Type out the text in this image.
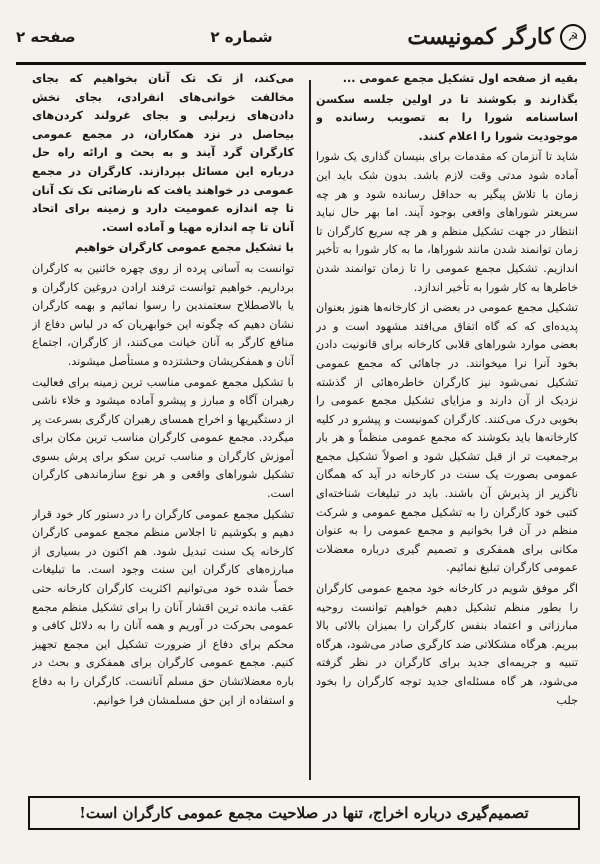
☭
کارگر کمونیست
شماره ۲
صفحه ۲

بقیه از صفحه اول تشکیل مجمع عمومی ...

بگذارند و بکوشند تا در اولین جلسه سکسن اساسنامه شورا را به تصویب رسانده و موجودیت شورا را اعلام کنند.

شاید تا آنزمان که مقدمات برای بنیسان گذاری یک شورا آماده شود مدتی وقت لازم باشد. بدون شک باید این زمان با تلاش پیگیر به حداقل رسانده شود و هر چه سریعتر شوراهای واقعی بوجود آیند. اما بهر حال نباید انتظار در جهت تشکیل منظم و هر چه سریع کارگران تا زمان توانمند شدن مانند شوراها، ما به کار شورا به تأخیر اندازیم. تشکیل مجمع عمومی را تا زمان توانمند شدن خاطرها به کار شورا به تأخیر اندازد.

تشکیل مجمع عمومی در بعضی از کارخانه‌ها هنوز بعنوان پدیده‌ای که که گاه اتفاق می‌افتد مشهود است و در بعضی موارد شوراهای قلابی کارخانه برای قانونیت دادن بخود آنرا نرا میخوانند. در جاهائی که مجمع عمومی تشکیل نمی‌شود نیز کارگران خاطره‌هائی از گذشته نزدیک از آن دارند و مزایای تشکیل مجمع عمومی را بخوبی درک می‌کنند. کارگران کمونیست و پیشرو در کلیه کارخانه‌ها باید بکوشند که مجمع عمومی منظماً و هر بار برجمعیت تر از قبل تشکیل شود و اصولاً تشکیل مجمع عمومی بصورت یک سنت در کارخانه در آید که همگان ناگزیر از پذیرش آن باشند. باید در تبلیغات شناخته‌ای کتبی خود کارگران را به تشکیل مجمع عمومی و شرکت منظم در آن فرا بخوانیم و مجمع عمومی را به عنوان مکانی برای همفکری و تصمیم گیری درباره معضلات عمومی کارگران تبلیغ نمائیم.

اگر موفق شویم در کارخانه خود مجمع عمومی کارگران را بطور منظم تشکیل دهیم خواهیم توانست روحیه مبارزاتی و اعتماد بنفس کارگران را بمیزان بالائی بالا ببریم. هرگاه مشکلاتی ضد کارگری صادر می‌شود، هرگاه تنبیه و جریمه‌ای جدید برای کارگران در نظر گرفته می‌شود، هر گاه مسئله‌ای جدید توجه کارگران را بخود جلب

می‌کند، از تک تک آنان بخواهیم که بجای مخالفت خوانی‌های انفرادی، بجای نخش دادن‌های زیرلبی و بجای غرولند کردن‌های بیحاصل در نزد همکاران، در مجمع عمومی کارگران گرد آیند و به بحث و ارائه راه حل درباره این مسائل بپردازند. کارگران در مجمع عمومی در خواهند یافت که نارضائی تک تک آنان تا چه اندازه عمومیت دارد و زمینه برای اتحاد آنان تا چه اندازه مهیا و آماده است.

با تشکیل مجمع عمومی کارگران خواهیم

توانست به آسانی پرده از روی چهره خائنین به کارگران برداریم. خواهیم توانست ترفند ارادن دروغین کارگران و یا بالاصطلاح سعتمندین را رسوا نمائیم و بهمه کارگران نشان دهیم که چگونه این خوابهریان که در لباس دفاع از منافع کارگر به آنان خیانت می‌کنند، از کارگران، اجتماع آنان و همفکریشان وحشتزده و مستأصل میشوند.

با تشکیل مجمع عمومی مناسب ترین زمینه برای فعالیت رهبران آگاه و مبارز و پیشرو آماده میشود و خلاء ناشی از دستگیریها و اخراج همسای رهبران کارگری بسرعت پر میگردد. مجمع عمومی کارگران مناسب ترین مکان برای آموزش کارگران و مناسب ترین سکو برای پرش بسوی تشکیل شوراهای واقعی و هر نوع سازماندهی کارگران است.

تشکیل مجمع عمومی کارگران را در دستور کار خود قرار دهیم و بکوشیم تا اجلاس منظم مجمع عمومی کارگران کارخانه یک سنت تبدیل شود. هم اکنون در بسیاری از مبارزه‌های کارگران این سنت وجود است. ما تبلیغات خصاً شده خود می‌توانیم اکثریت کارگران کارخانه حتی عقب مانده ترین اقشار آنان را برای تشکیل منظم مجمع عمومی بحرکت در آوریم و همه آنان را به دلائل کافی و محکم برای دفاع از ضرورت تشکیل این مجمع تجهیز کنیم. مجمع عمومی کارگران برای همفکری و بحث در باره معضلاتشان حق مسلم آنانست. کارگران را به دفاع و استفاده از این حق مسلمشان فرا خوانیم.

تصمیم‌گیری درباره اخراج، تنها در صلاحیت مجمع عمومی کارگران است!
